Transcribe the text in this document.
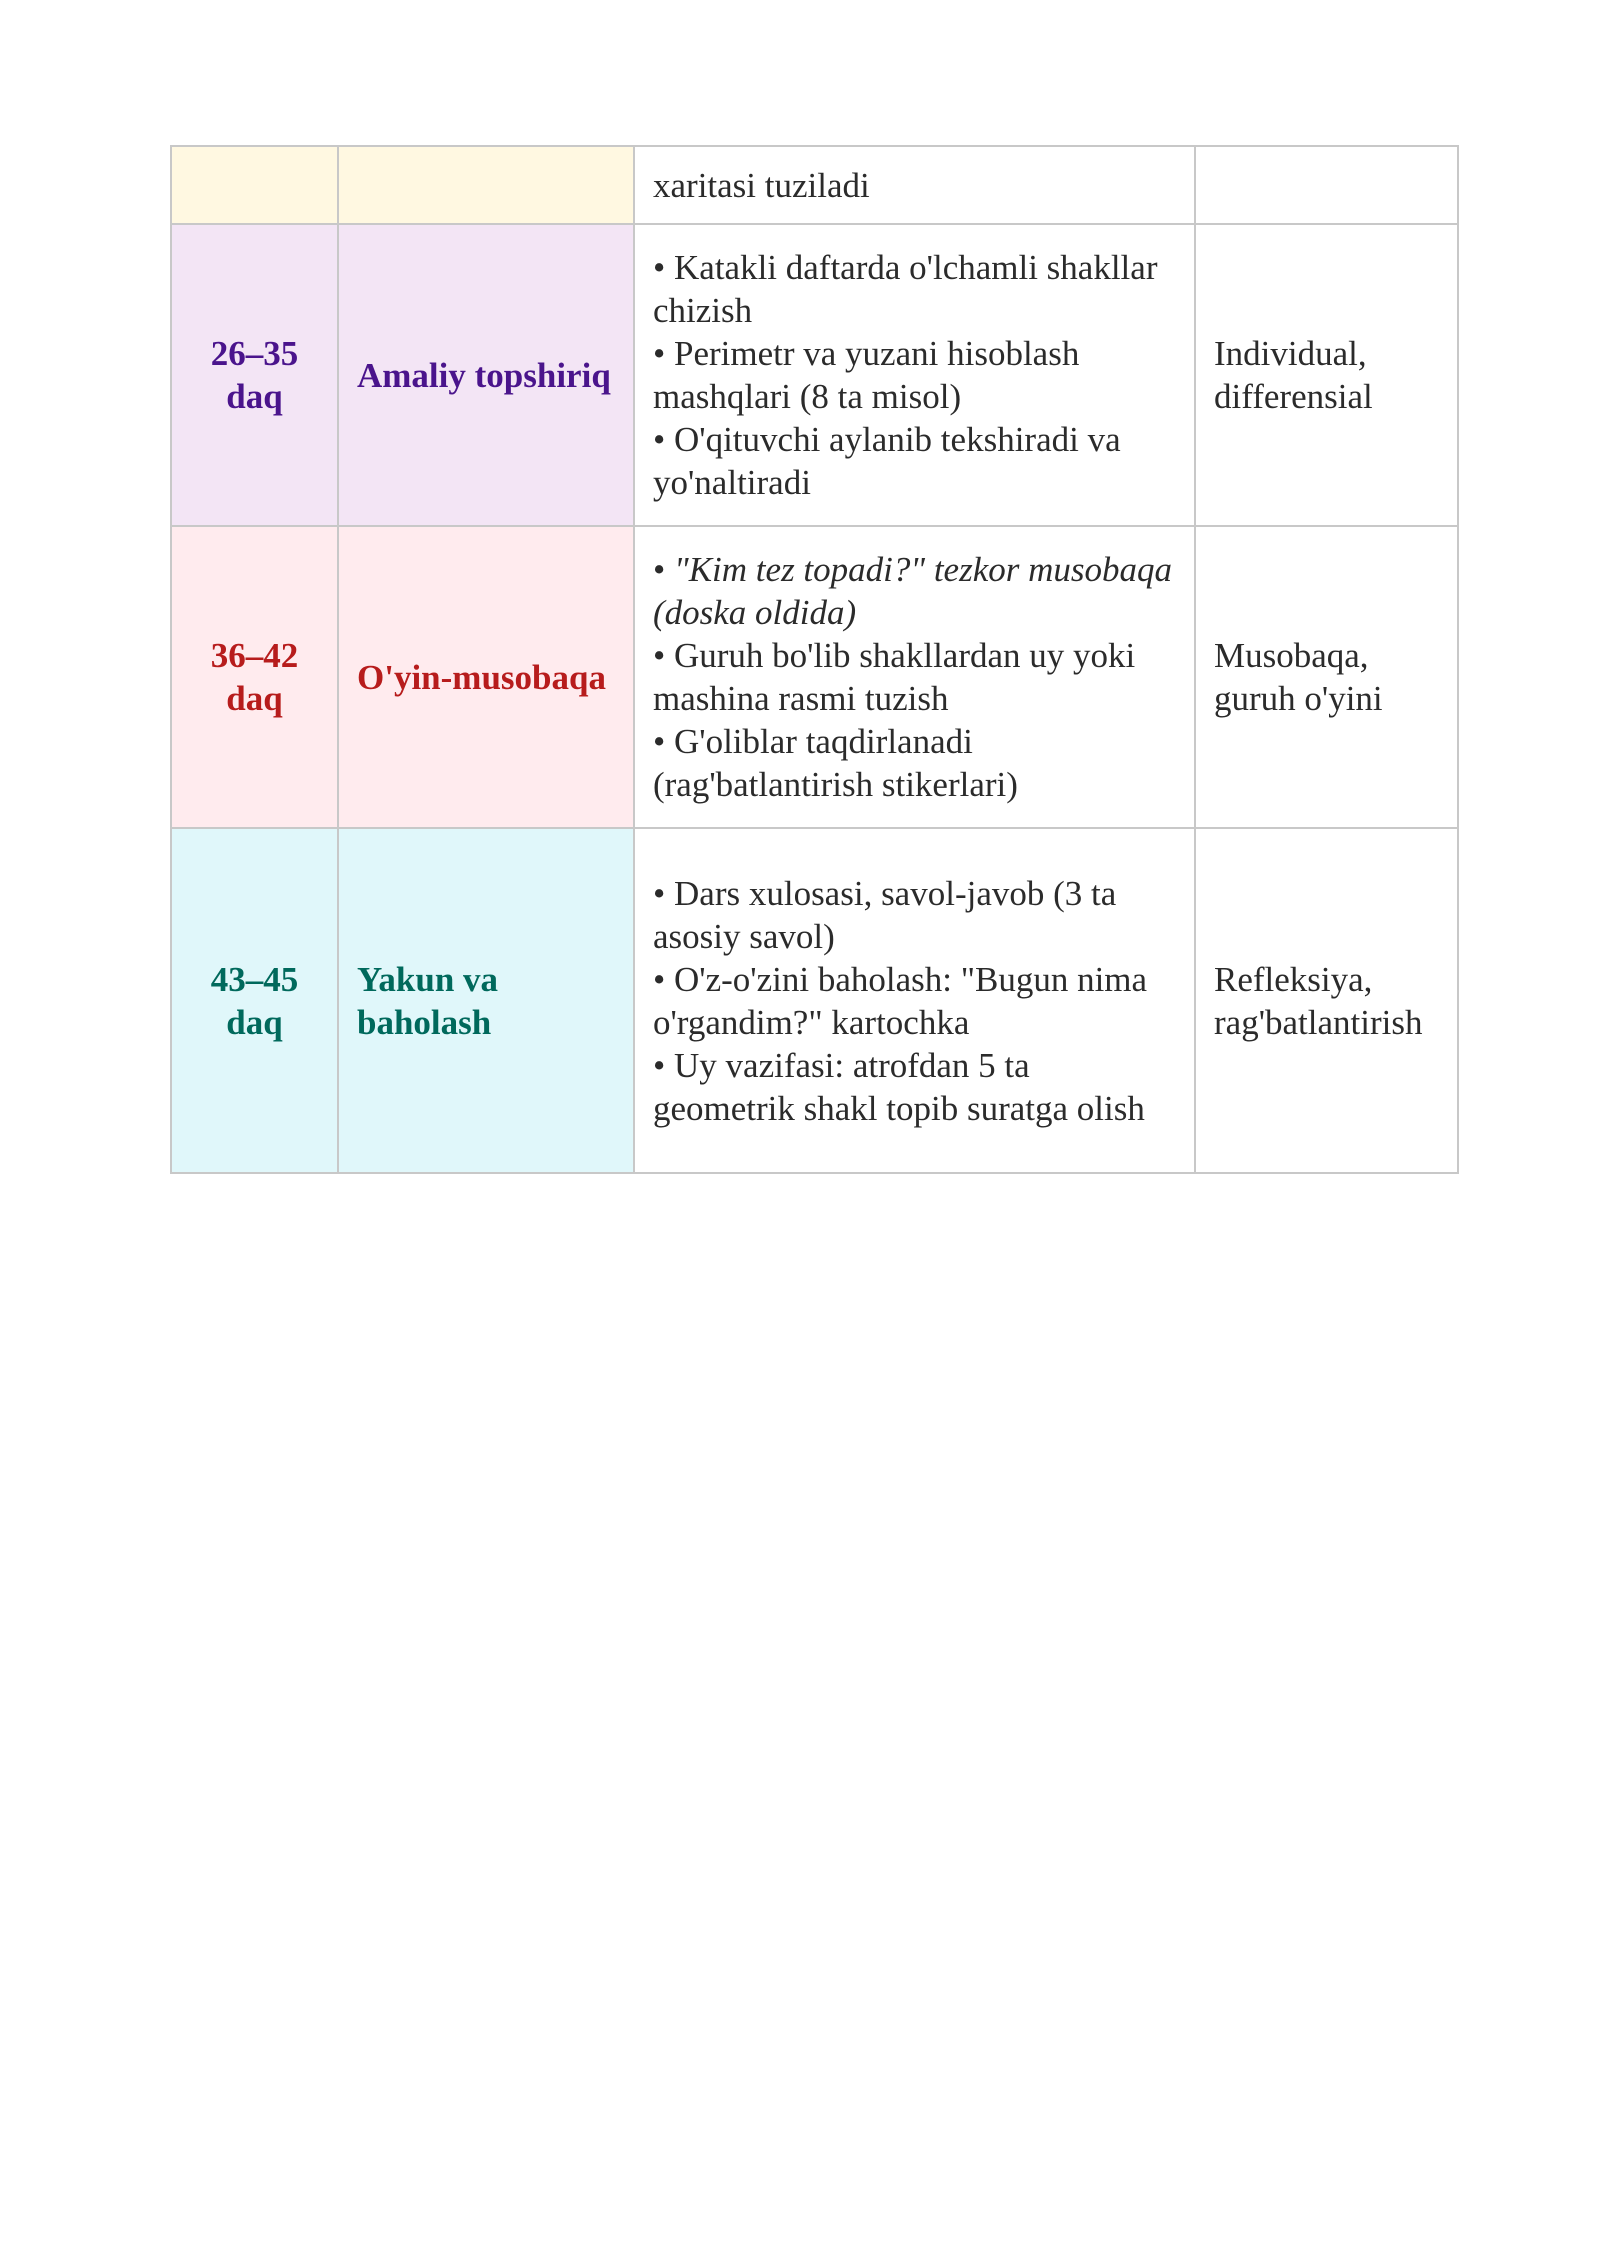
		xaritasi tuziladi	

26–35 daq	Amaliy topshiriq	• Katakli daftarda o'lchamli shakllar chizish
• Perimetr va yuzani hisoblash mashqlari (8 ta misol)
• O'qituvchi aylanib tekshiradi va yo'naltiradi	Individual, differensial
36–42 daq	O'yin-musobaqa	• "Kim tez topadi?" tezkor musobaqa (doska oldida)
• Guruh bo'lib shakllardan uy yoki mashina rasmi tuzish
• G'oliblar taqdirlanadi (rag'batlantirish stikerlari)	Musobaqa, guruh o'yini
43–45 daq	Yakun va baholash	• Dars xulosasi, savol-javob (3 ta asosiy savol)
• O'z-o'zini baholash: "Bugun nima o'rgandim?" kartochka
• Uy vazifasi: atrofdan 5 ta geometrik shakl topib suratga olish	Refleksiya, rag'batlantirish
